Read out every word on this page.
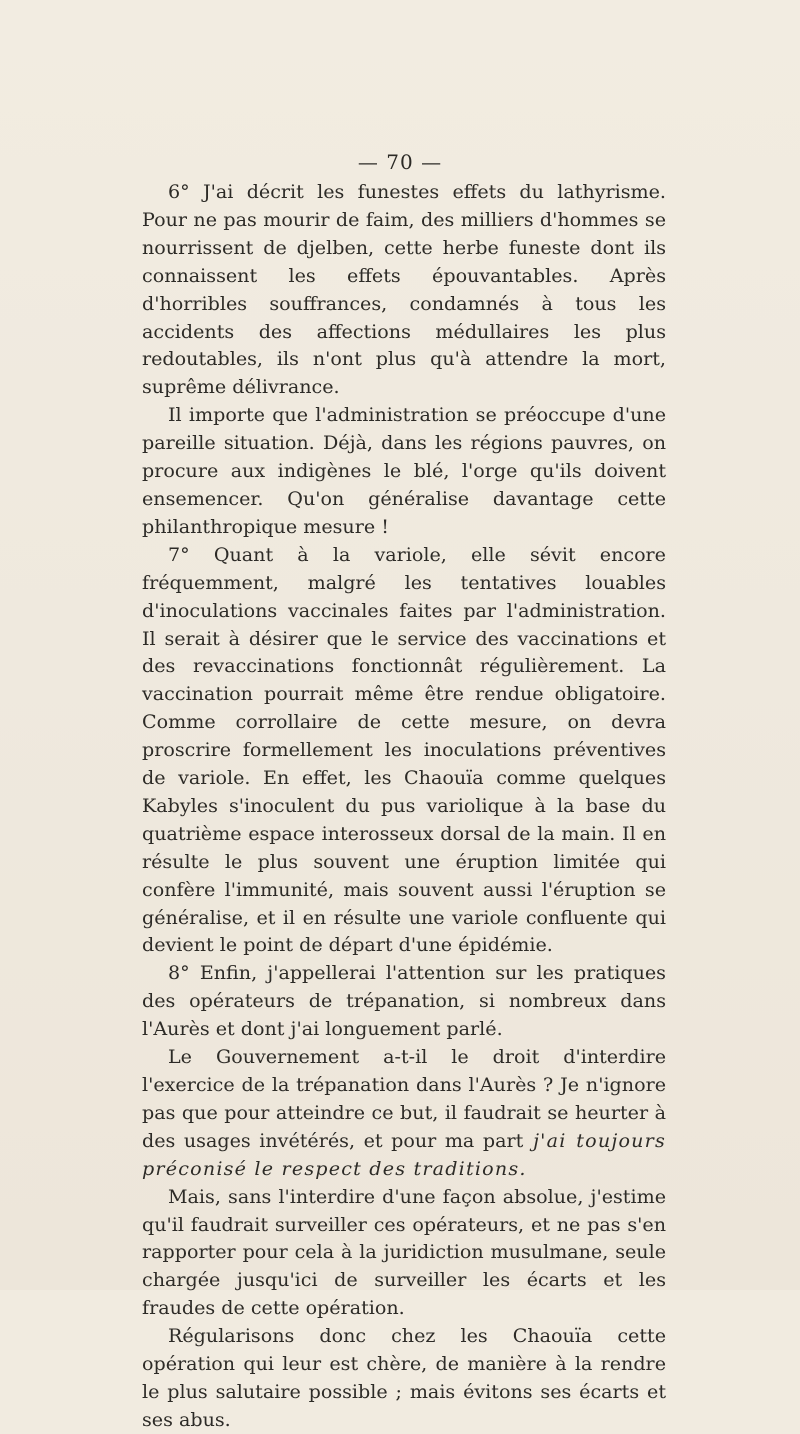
— 70 —

6° J'ai décrit les funestes effets du lathyrisme. Pour ne pas mourir de faim, des milliers d'hommes se nourrissent de djelben, cette herbe funeste dont ils connaissent les effets épouvantables. Après d'horribles souffrances, condamnés à tous les accidents des affections médullaires les plus redoutables, ils n'ont plus qu'à attendre la mort, suprême délivrance.

Il importe que l'administration se préoccupe d'une pareille situation. Déjà, dans les régions pauvres, on procure aux indigènes le blé, l'orge qu'ils doivent ensemencer. Qu'on généralise davantage cette philanthropique mesure !

7° Quant à la variole, elle sévit encore fréquemment, malgré les tentatives louables d'inoculations vaccinales faites par l'administration. Il serait à désirer que le service des vaccinations et des revaccinations fonctionnât régulièrement. La vaccination pourrait même être rendue obligatoire. Comme corrollaire de cette mesure, on devra proscrire formellement les inoculations préventives de variole. En effet, les Chaouïa comme quelques Kabyles s'inoculent du pus variolique à la base du quatrième espace interosseux dorsal de la main. Il en résulte le plus souvent une éruption limitée qui confère l'immunité, mais souvent aussi l'éruption se généralise, et il en résulte une variole confluente qui devient le point de départ d'une épidémie.

8° Enfin, j'appellerai l'attention sur les pratiques des opérateurs de trépanation, si nombreux dans l'Aurès et dont j'ai longuement parlé.

Le Gouvernement a-t-il le droit d'interdire l'exercice de la trépanation dans l'Aurès ? Je n'ignore pas que pour atteindre ce but, il faudrait se heurter à des usages invétérés, et pour ma part j'ai toujours préconisé le respect des traditions.

Mais, sans l'interdire d'une façon absolue, j'estime qu'il faudrait surveiller ces opérateurs, et ne pas s'en rapporter pour cela à la juridiction musulmane, seule chargée jusqu'ici de surveiller les écarts et les fraudes de cette opération.

Régularisons donc chez les Chaouïa cette opération qui leur est chère, de manière à la rendre le plus salutaire possible ; mais évitons ses écarts et ses abus.
